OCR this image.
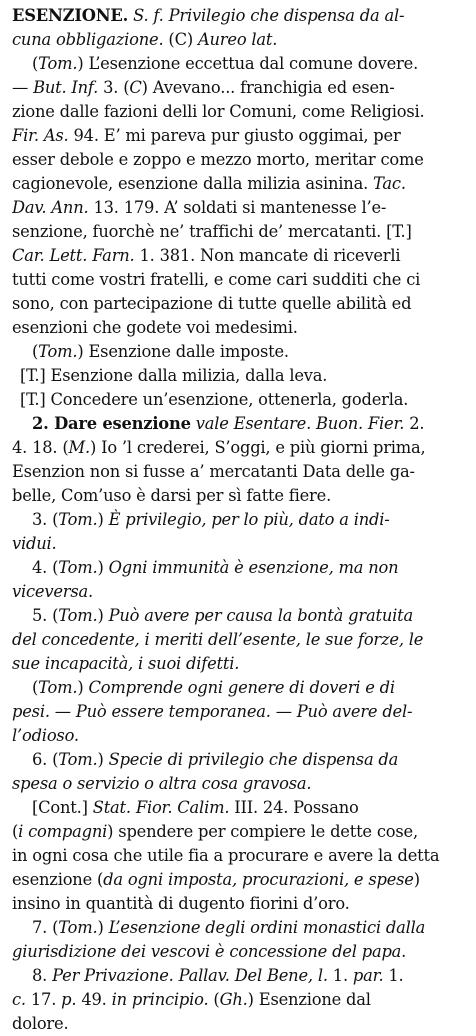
ESENZIONE. S. f. Privilegio che dispensa da al-
cuna obbligazione. (C) Aureo lat.
(Tom.) L’esenzione eccettua dal comune dovere.
— But. Inf. 3. (C) Avevano... franchigia ed esen-
zione dalle fazioni delli lor Comuni, come Religiosi.
Fir. As. 94. E’ mi pareva pur giusto oggimai, per
esser debole e zoppo e mezzo morto, meritar come
cagionevole, esenzione dalla milizia asinina. Tac.
Dav. Ann. 13. 179. A’ soldati si mantenesse l’e-
senzione, fuorchè ne’ traffichi de’ mercatanti. [T.]
Car. Lett. Farn. 1. 381. Non mancate di riceverli
tutti come vostri fratelli, e come cari sudditi che ci
sono, con partecipazione di tutte quelle abilità ed
esenzioni che godete voi medesimi.
(Tom.) Esenzione dalle imposte.
[T.] Esenzione dalla milizia, dalla leva.
[T.] Concedere un’esenzione, ottenerla, goderla.
2. Dare esenzione vale Esentare. Buon. Fier. 2.
4. 18. (M.) Io ’l crederei, S’oggi, e più giorni prima,
Esenzion non si fusse a’ mercatanti Data delle ga-
belle, Com’uso è darsi per sì fatte fiere.
3. (Tom.) È privilegio, per lo più, dato a indi-
vidui.
4. (Tom.) Ogni immunità è esenzione, ma non
viceversa.
5. (Tom.) Può avere per causa la bontà gratuita
del concedente, i meriti dell’esente, le sue forze, le
sue incapacità, i suoi difetti.
(Tom.) Comprende ogni genere di doveri e di
pesi. — Può essere temporanea. — Può avere del-
l’odioso.
6. (Tom.) Specie di privilegio che dispensa da
spesa o servizio o altra cosa gravosa.
[Cont.] Stat. Fior. Calim. III. 24. Possano
(i compagni) spendere per compiere le dette cose,
in ogni cosa che utile fia a procurare e avere la detta
esenzione (da ogni imposta, procurazioni, e spese)
insino in quantità di dugento fiorini d’oro.
7. (Tom.) L’esenzione degli ordini monastici dalla
giurisdizione dei vescovi è concessione del papa.
8. Per Privazione. Pallav. Del Bene, l. 1. par. 1.
c. 17. p. 49. in principio. (Gh.) Esenzione dal
dolore.
